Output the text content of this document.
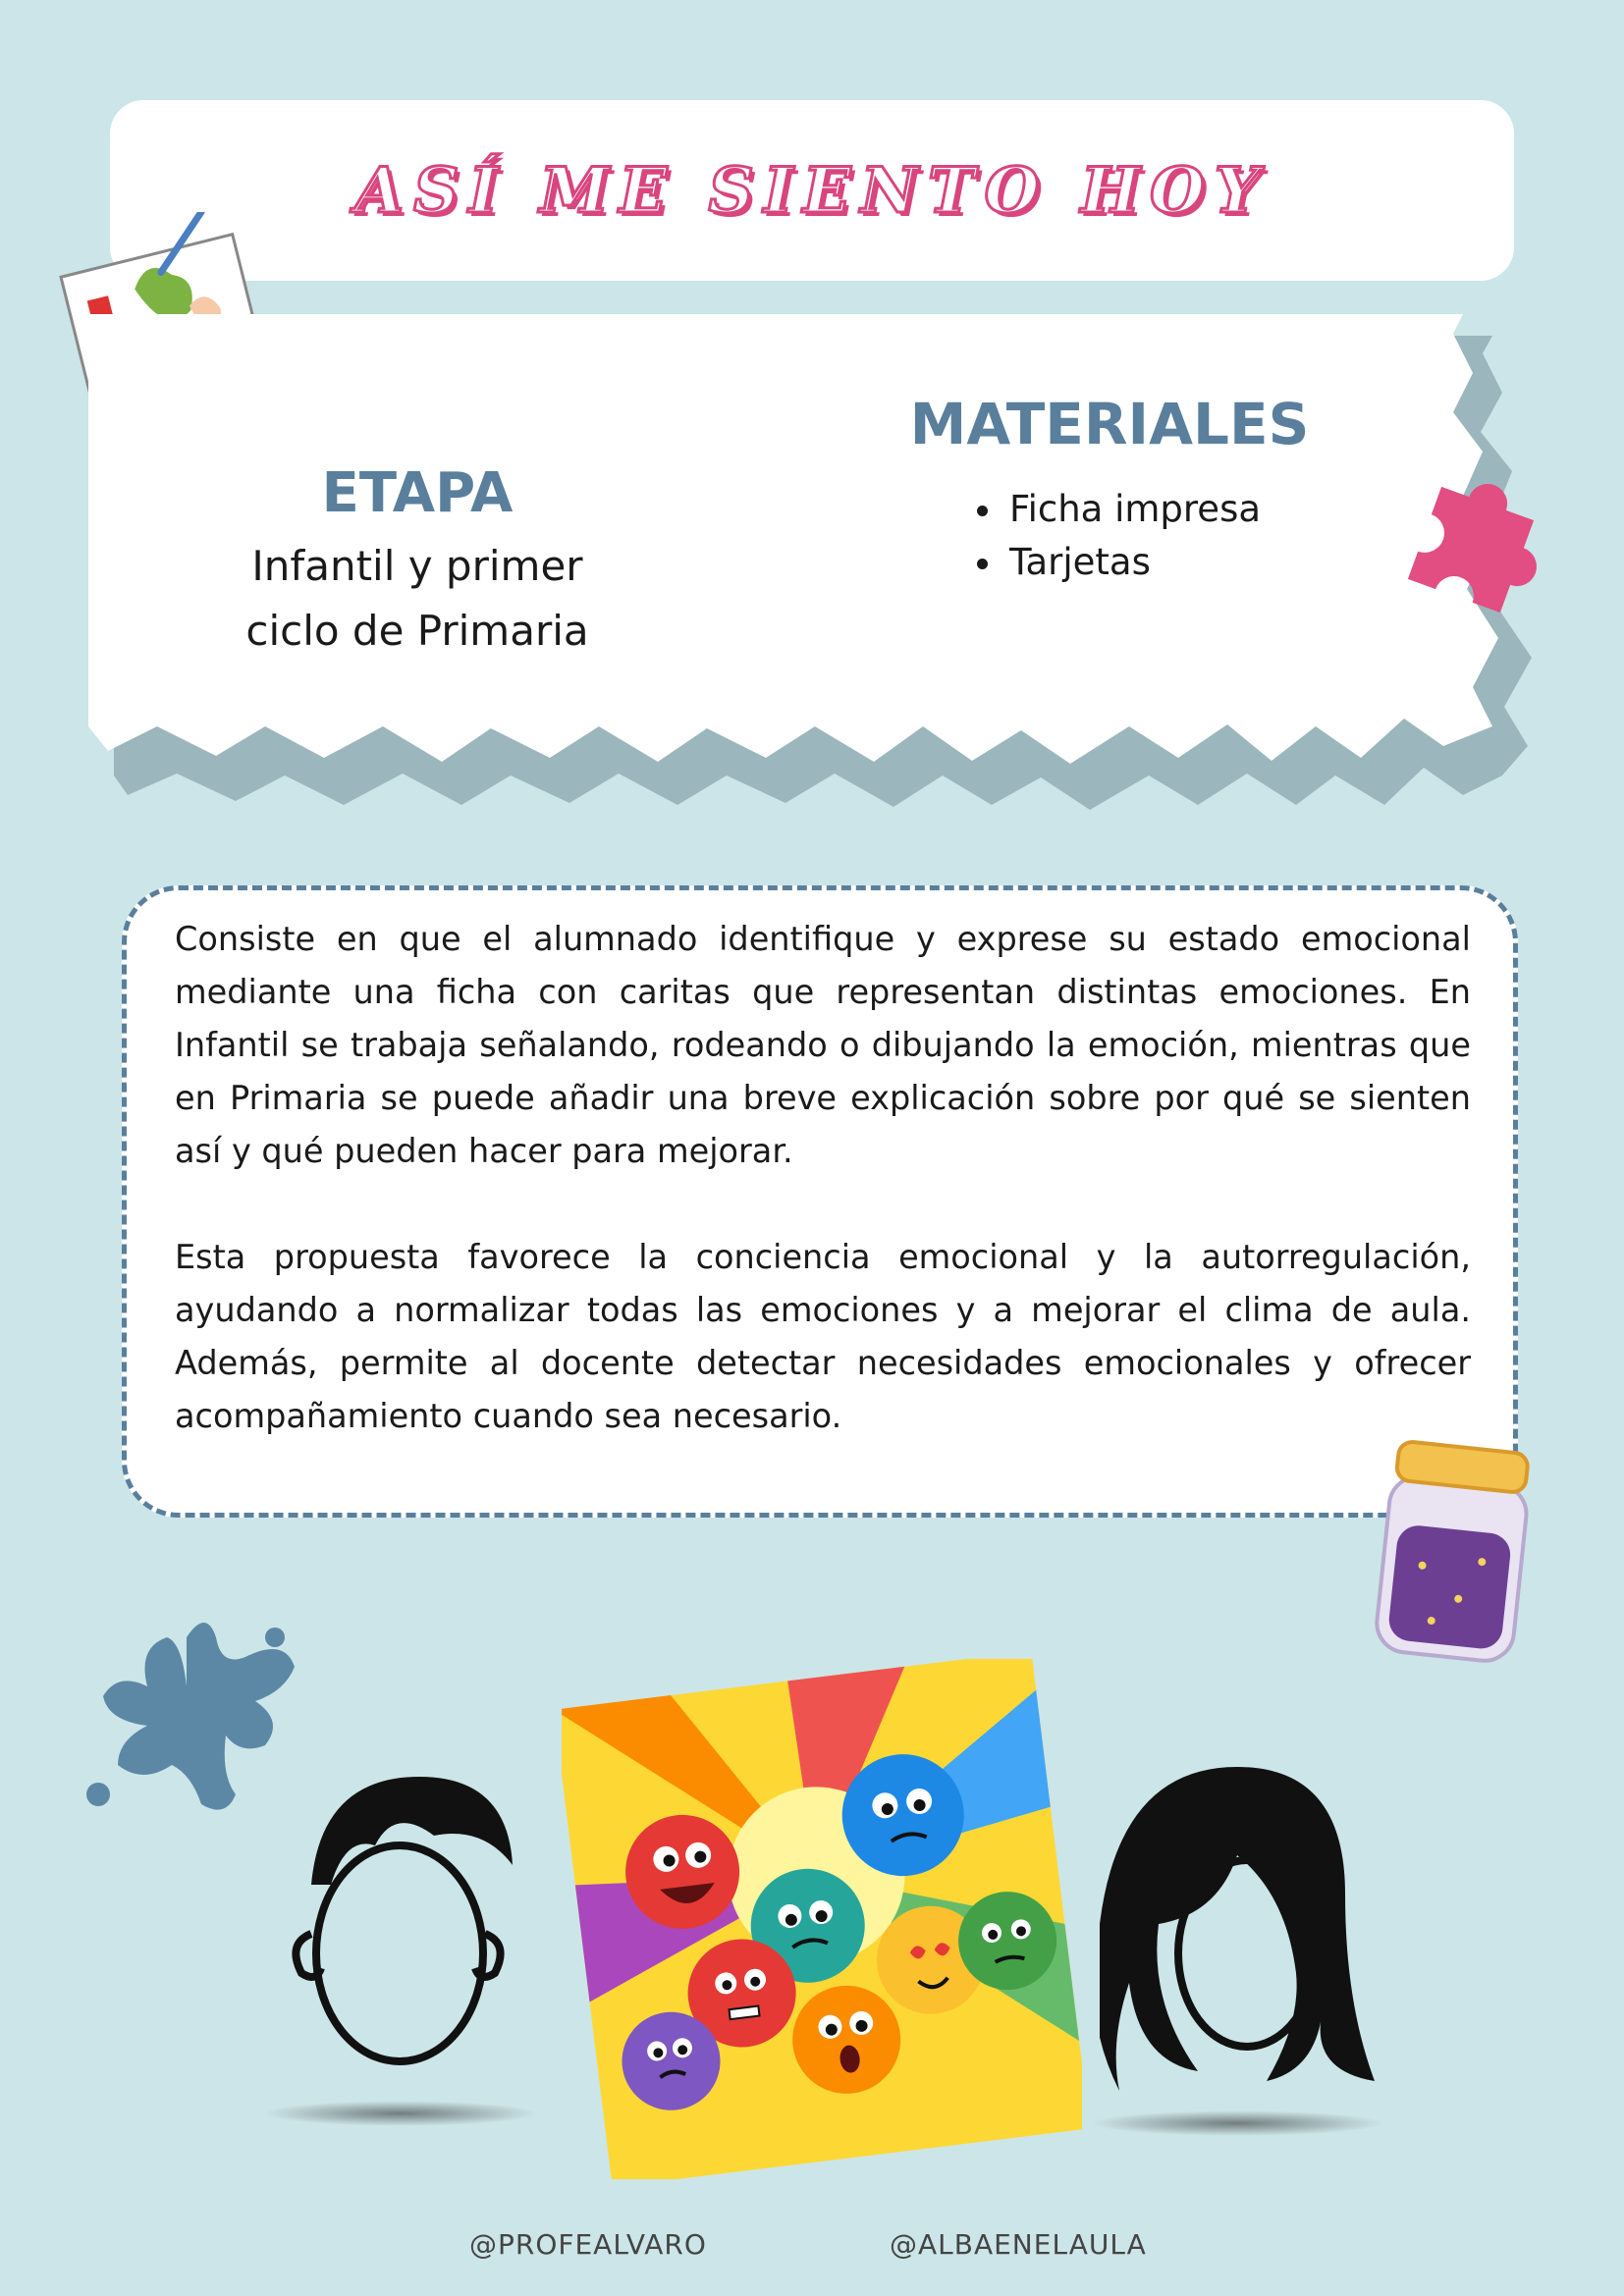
ASÍ ME SIENTO HOY
ETAPA
Infantil y primer
ciclo de Primaria
MATERIALES
• Ficha impresa
• Tarjetas

Consiste en que el alumnado identifique y exprese su estado emocional mediante una ficha con caritas que representan distintas emociones. En Infantil se trabaja señalando, rodeando o dibujando la emoción, mientras que en Primaria se puede añadir una breve explicación sobre por qué se sienten así y qué pueden hacer para mejorar.

Esta propuesta favorece la conciencia emocional y la autorregulación, ayudando a normalizar todas las emociones y a mejorar el clima de aula. Además, permite al docente detectar necesidades emocionales y ofrecer acompañamiento cuando sea necesario.

@PROFEALVARO	@ALBAENELAULA
